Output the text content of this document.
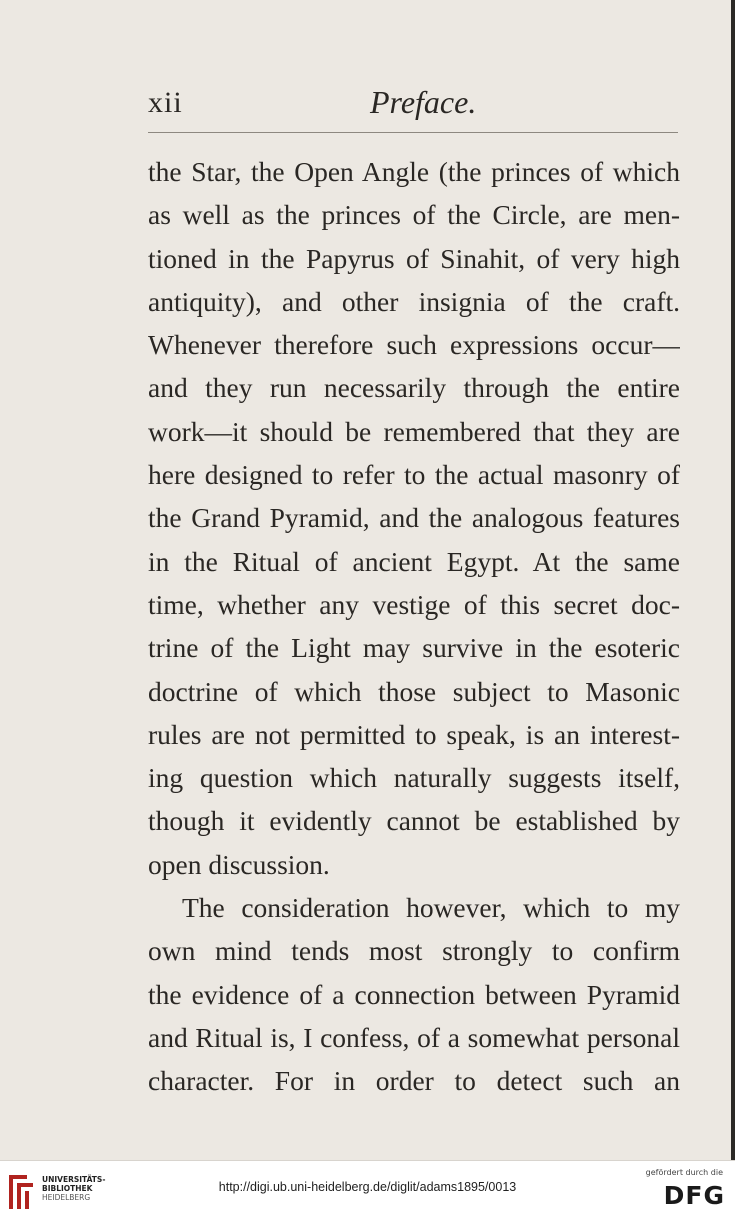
xii	Preface.
the Star, the Open Angle (the princes of which
as well as the princes of the Circle, are men-
tioned in the Papyrus of Sinahit, of very high
antiquity), and other insignia of the craft.
Whenever therefore such expressions occur—
and they run necessarily through the entire
work—it should be remembered that they are
here designed to refer to the actual masonry of
the Grand Pyramid, and the analogous features
in the Ritual of ancient Egypt. At the same
time, whether any vestige of this secret doc-
trine of the Light may survive in the esoteric
doctrine of which those subject to Masonic
rules are not permitted to speak, is an interest-
ing question which naturally suggests itself,
though it evidently cannot be established by
open discussion.
The consideration however, which to my
own mind tends most strongly to confirm
the evidence of a connection between Pyramid
and Ritual is, I confess, of a somewhat personal
character. For in order to detect such an
UNIVERSITÄTS-
BIBLIOTHEK
HEIDELBERG
http://digi.ub.uni-heidelberg.de/diglit/adams1895/0013
gefördert durch die
DFG
